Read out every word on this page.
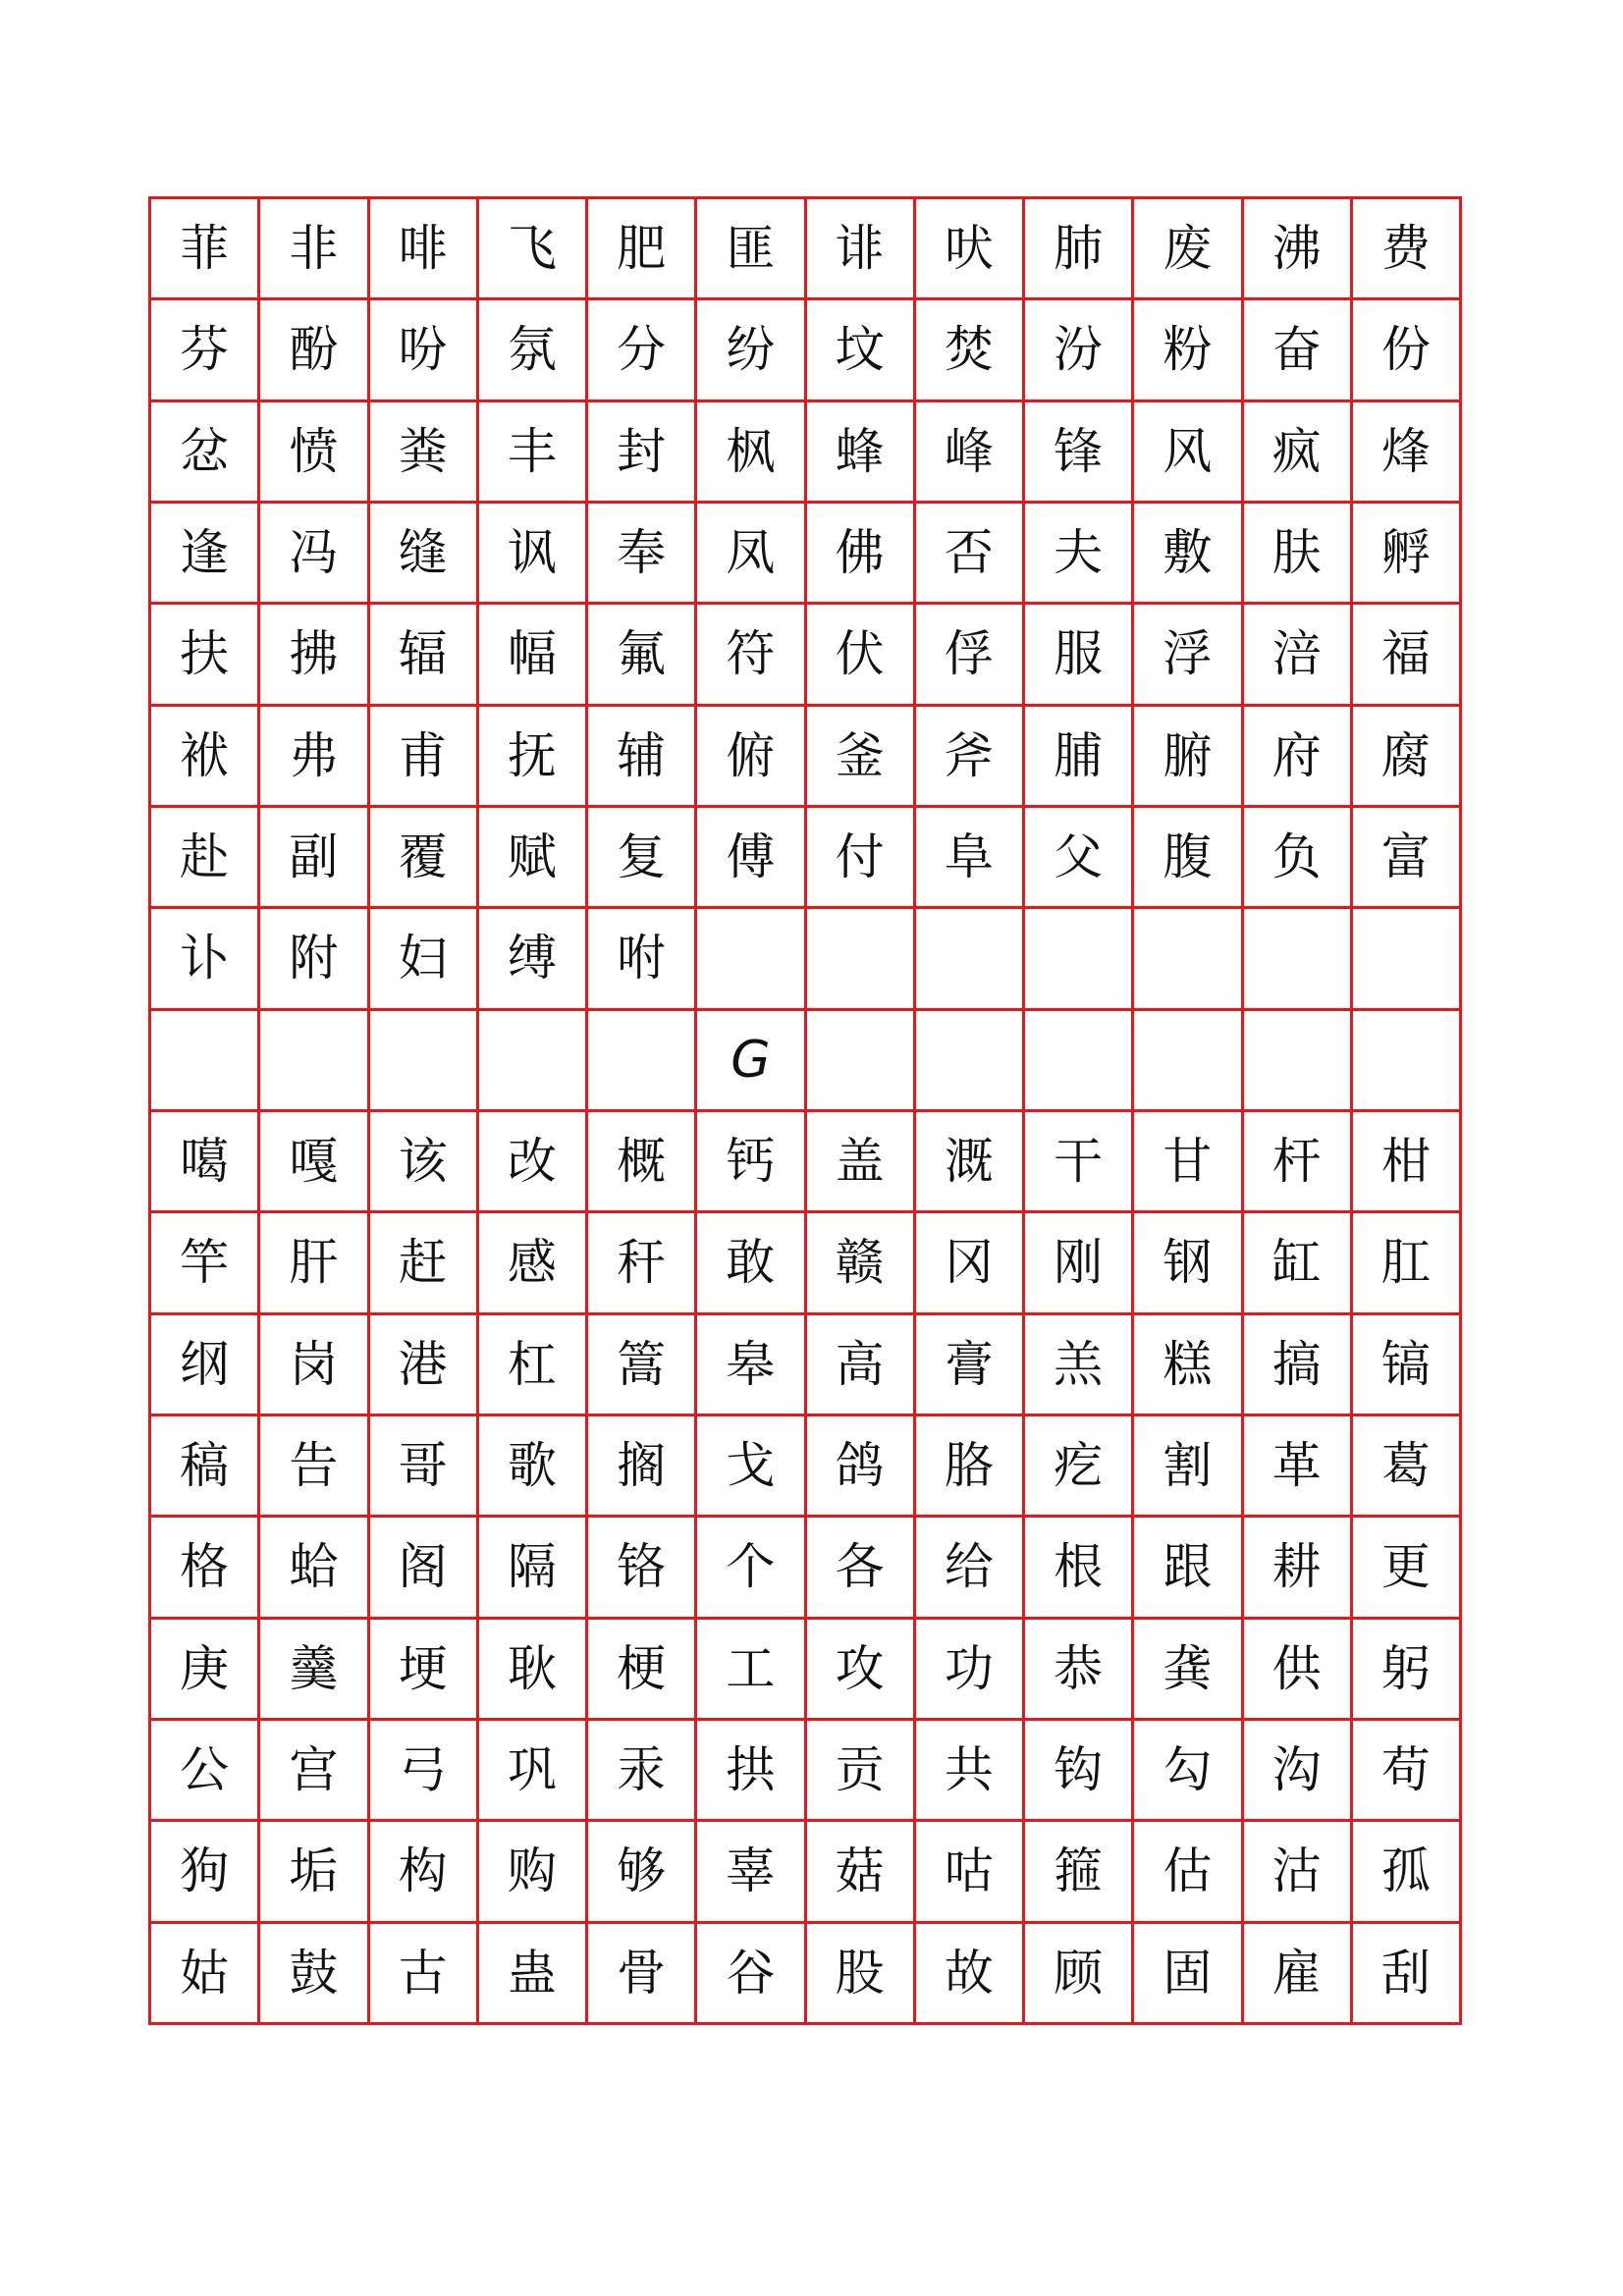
菲	非	啡	飞	肥	匪	诽	吠	肺	废	沸	费
芬	酚	吩	氛	分	纷	坟	焚	汾	粉	奋	份
忿	愤	粪	丰	封	枫	蜂	峰	锋	风	疯	烽
逢	冯	缝	讽	奉	凤	佛	否	夫	敷	肤	孵
扶	拂	辐	幅	氟	符	伏	俘	服	浮	涪	福
袱	弗	甫	抚	辅	俯	釜	斧	脯	腑	府	腐
赴	副	覆	赋	复	傅	付	阜	父	腹	负	富
讣	附	妇	缚	咐
G
噶	嘎	该	改	概	钙	盖	溉	干	甘	杆	柑
竿	肝	赶	感	秆	敢	赣	冈	刚	钢	缸	肛
纲	岗	港	杠	篙	皋	高	膏	羔	糕	搞	镐
稿	告	哥	歌	搁	戈	鸽	胳	疙	割	革	葛
格	蛤	阁	隔	铬	个	各	给	根	跟	耕	更
庚	羹	埂	耿	梗	工	攻	功	恭	龚	供	躬
公	宫	弓	巩	汞	拱	贡	共	钩	勾	沟	苟
狗	垢	构	购	够	辜	菇	咕	箍	估	沽	孤
姑	鼓	古	蛊	骨	谷	股	故	顾	固	雇	刮
